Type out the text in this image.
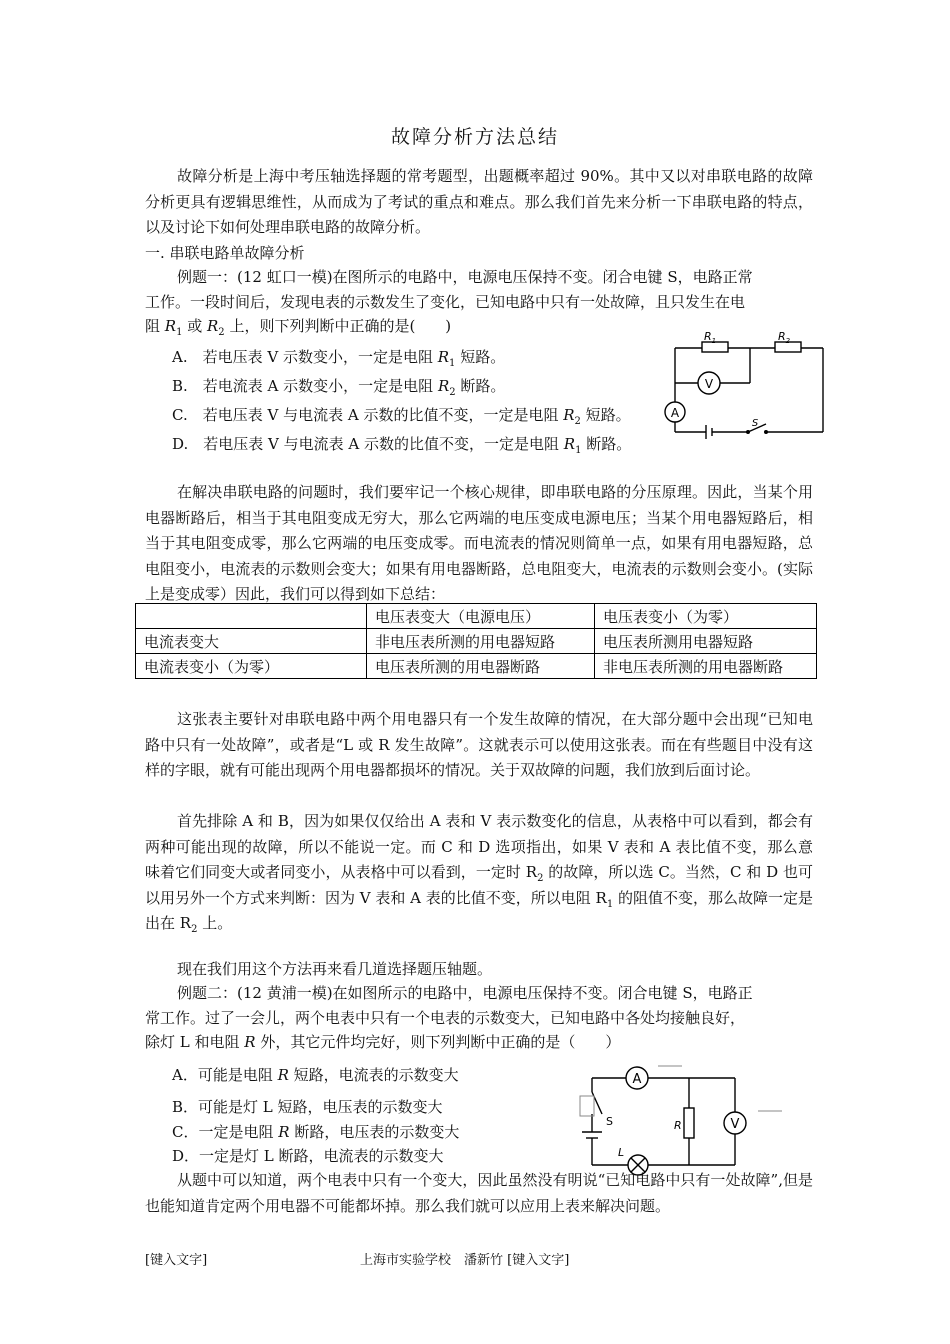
故障分析方法总结
故障分析是上海中考压轴选择题的常考题型，出题概率超过 90%。其中又以对串联电路的故障分析更具有逻辑思维性，从而成为了考试的重点和难点。那么我们首先来分析一下串联电路的特点，以及讨论下如何处理串联电路的故障分析。
一. 串联电路单故障分析
例题一：(12 虹口一模)在图所示的电路中，电源电压保持不变。闭合电键 S，电路正常
工作。一段时间后，发现电表的示数发生了变化，已知电路中只有一处故障，且只发生在电
阻 $R_1$ 或 $R_2$ 上，则下列判断中正确的是(　　)
A.　若电压表 V 示数变小，一定是电阻 $R_1$ 短路。
B.　若电流表 A 示数变小，一定是电阻 $R_2$ 断路。
C.　若电压表 V 与电流表 A 示数的比值不变，一定是电阻 $R_2$ 短路。
D.　若电压表 V 与电流表 A 示数的比值不变，一定是电阻 $R_1$ 断路。
$R_1$	$R_2$
V
A
S
在解决串联电路的问题时，我们要牢记一个核心规律，即串联电路的分压原理。因此，当某个用电器断路后，相当于其电阻变成无穷大，那么它两端的电压变成电源电压；当某个用电器短路后，相当于其电阻变成零，那么它两端的电压变成零。而电流表的情况则简单一点，如果有用电器短路，总电阻变小，电流表的示数则会变大；如果有用电器断路，总电阻变大，电流表的示数则会变小。(实际上是变成零）因此，我们可以得到如下总结：
	电压表变大（电源电压）	电压表变小（为零）
电流表变大	非电压表所测的用电器短路	电压表所测用电器短路
电流表变小（为零）	电压表所测的用电器断路	非电压表所测的用电器断路
这张表主要针对串联电路中两个用电器只有一个发生故障的情况，在大部分题中会出现“已知电路中只有一处故障”，或者是“L 或 R 发生故障”。这就表示可以使用这张表。而在有些题目中没有这样的字眼，就有可能出现两个用电器都损坏的情况。关于双故障的问题，我们放到后面讨论。
首先排除 A 和 B，因为如果仅仅给出 A 表和 V 表示数变化的信息，从表格中可以看到，都会有两种可能出现的故障，所以不能说一定。而 C 和 D 选项指出，如果 V 表和 A 表比值不变，那么意味着它们同变大或者同变小，从表格中可以看到，一定时 $R_2$ 的故障，所以选 C。当然，C 和 D 也可以用另外一个方式来判断：因为 V 表和 A 表的比值不变，所以电阻 $R_1$ 的阻值不变，那么故障一定是出在 $R_2$ 上。
现在我们用这个方法再来看几道选择题压轴题。
例题二：(12 黄浦一模)在如图所示的电路中，电源电压保持不变。闭合电键 S，电路正
常工作。过了一会儿，两个电表中只有一个电表的示数变大，已知电路中各处均接触良好，
除灯 L 和电阻 R 外，其它元件均完好，则下列判断中正确的是（　　）
A．可能是电阻 R 短路，电流表的示数变大
B．可能是灯 L 短路，电压表的示数变大
C．一定是电阻 R 断路，电压表的示数变大
D．一定是灯 L 断路，电流表的示数变大
A
V
S	R
L
从题中可以知道，两个电表中只有一个变大，因此虽然没有明说“已知电路中只有一处故障”,但是也能知道肯定两个用电器不可能都坏掉。那么我们就可以应用上表来解决问题。
[键入文字]	上海市实验学校　潘新竹 [键入文字]
